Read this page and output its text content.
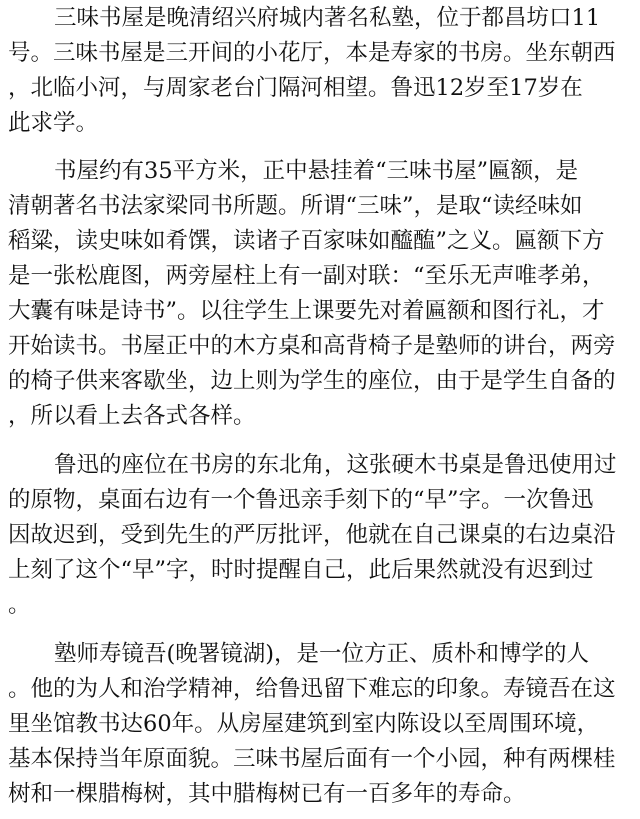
三味书屋是晚清绍兴府城内著名私塾，位于都昌坊口11
号。三味书屋是三开间的小花厅，本是寿家的书房。坐东朝西
，北临小河，与周家老台门隔河相望。鲁迅12岁至17岁在
此求学。
书屋约有35平方米，正中悬挂着“三味书屋”匾额，是
清朝著名书法家梁同书所题。所谓“三味”，是取“读经味如
稻粱，读史味如肴馔，读诸子百家味如醯醢”之义。匾额下方
是一张松鹿图，两旁屋柱上有一副对联：“至乐无声唯孝弟，
大囊有味是诗书”。以往学生上课要先对着匾额和图行礼，才
开始读书。书屋正中的木方桌和高背椅子是塾师的讲台，两旁
的椅子供来客歇坐，边上则为学生的座位，由于是学生自备的
，所以看上去各式各样。
鲁迅的座位在书房的东北角，这张硬木书桌是鲁迅使用过
的原物，桌面右边有一个鲁迅亲手刻下的“早”字。一次鲁迅
因故迟到，受到先生的严厉批评，他就在自己课桌的右边桌沿
上刻了这个“早”字，时时提醒自己，此后果然就没有迟到过
。
塾师寿镜吾(晚署镜湖)，是一位方正、质朴和博学的人
。他的为人和治学精神，给鲁迅留下难忘的印象。寿镜吾在这
里坐馆教书达60年。从房屋建筑到室内陈设以至周围环境，
基本保持当年原面貌。三味书屋后面有一个小园，种有两棵桂
树和一棵腊梅树，其中腊梅树已有一百多年的寿命。
